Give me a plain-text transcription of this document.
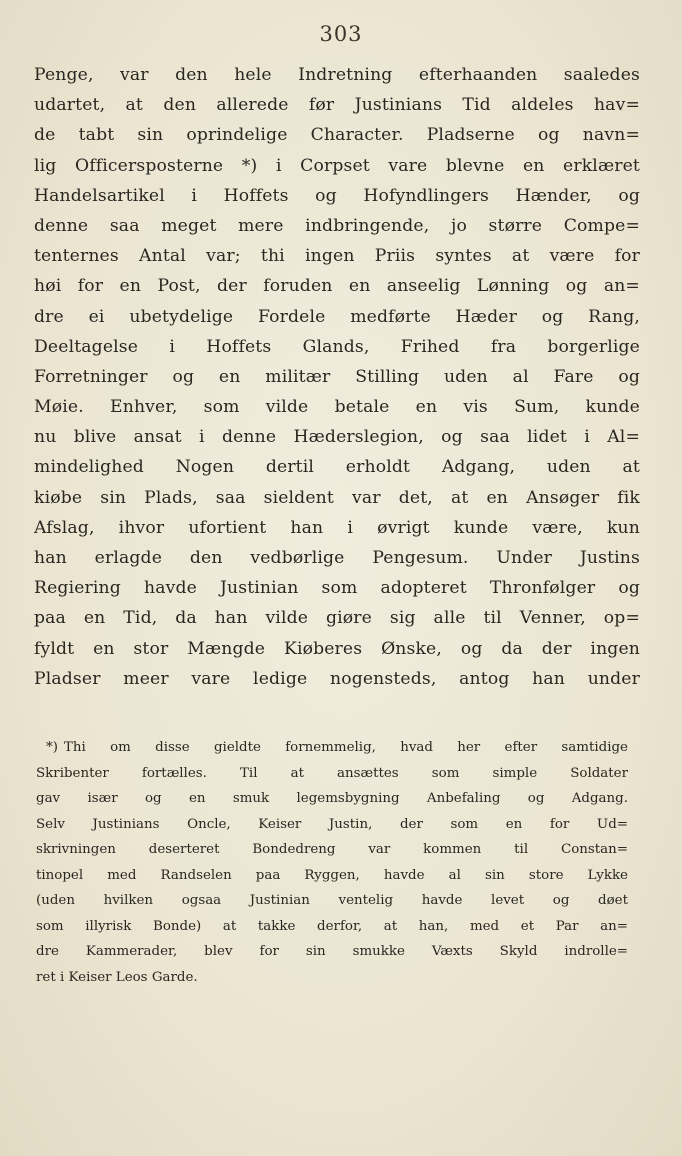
303
Penge, var den hele Indretning efterhaanden saaledes
udartet, at den allerede før Justinians Tid aldeles hav=
de tabt sin oprindelige Character. Pladserne og navn=
lig Officersposterne *) i Corpset vare blevne en erklæret
Handelsartikel i Hoffets og Hofyndlingers Hænder, og
denne saa meget mere indbringende, jo større Compe=
tenternes Antal var; thi ingen Priis syntes at være for
høi for en Post, der foruden en anseelig Lønning og an=
dre ei ubetydelige Fordele medførte Hæder og Rang,
Deeltagelse i Hoffets Glands, Frihed fra borgerlige
Forretninger og en militær Stilling uden al Fare og
Møie. Enhver, som vilde betale en vis Sum, kunde
nu blive ansat i denne Hæderslegion, og saa lidet i Al=
mindelighed Nogen dertil erholdt Adgang, uden at
kiøbe sin Plads, saa sieldent var det, at en Ansøger fik
Afslag, ihvor ufortient han i øvrigt kunde være, kun
han erlagde den vedbørlige Pengesum. Under Justins
Regiering havde Justinian som adopteret Thronfølger og
paa en Tid, da han vilde giøre sig alle til Venner, op=
fyldt en stor Mængde Kiøberes Ønske, og da der ingen
Pladser meer vare ledige nogensteds, antog han under
*) Thi om disse gieldte fornemmelig, hvad her efter samtidige
Skribenter fortælles. Til at ansættes som simple Soldater
gav især og en smuk legemsbygning Anbefaling og Adgang.
Selv Justinians Oncle, Keiser Justin, der som en for Ud=
skrivningen deserteret Bondedreng var kommen til Constan=
tinopel med Randselen paa Ryggen, havde al sin store Lykke
(uden hvilken ogsaa Justinian ventelig havde levet og døet
som illyrisk Bonde) at takke derfor, at han, med et Par an=
dre Kammerader, blev for sin smukke Væxts Skyld indrolle=
ret i Keiser Leos Garde.
